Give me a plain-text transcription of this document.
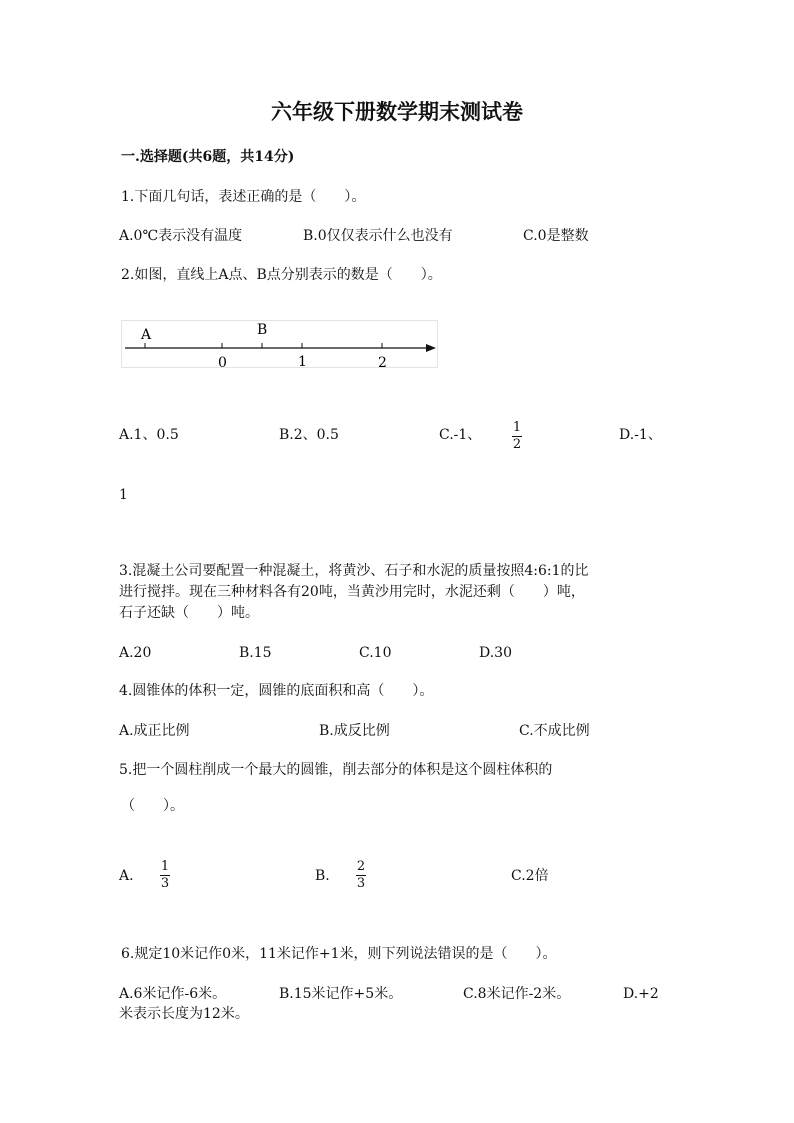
六年级下册数学期末测试卷
一.选择题(共6题，共14分)
1.下面几句话，表述正确的是（　　）。
A.0℃表示没有温度	B.0仅仅表示什么也没有	C.0是整数
2.如图，直线上A点、B点分别表示的数是（　　）。
A	B
0	1	2
A.1、0.5	B.2、0.5	C.-1、 1
2
D.-1、
1
3.混凝土公司要配置一种混凝土，将黄沙、石子和水泥的质量按照4:6:1的比
进行搅拌。现在三种材料各有20吨，当黄沙用完时，水泥还剩（　　）吨，
石子还缺（　　）吨。
A.20	B.15	C.10	D.30
4.圆锥体的体积一定，圆锥的底面积和高（　　）。
A.成正比例	B.成反比例	C.不成比例
5.把一个圆柱削成一个最大的圆锥，削去部分的体积是这个圆柱体积的
（　　）。
A.
1
3	B.
2
3	C.2倍
6.规定10米记作0米，11米记作+1米，则下列说法错误的是（　　）。
A.6米记作-6米。	B.15米记作+5米。	C.8米记作-2米。	D.+2
米表示长度为12米。
